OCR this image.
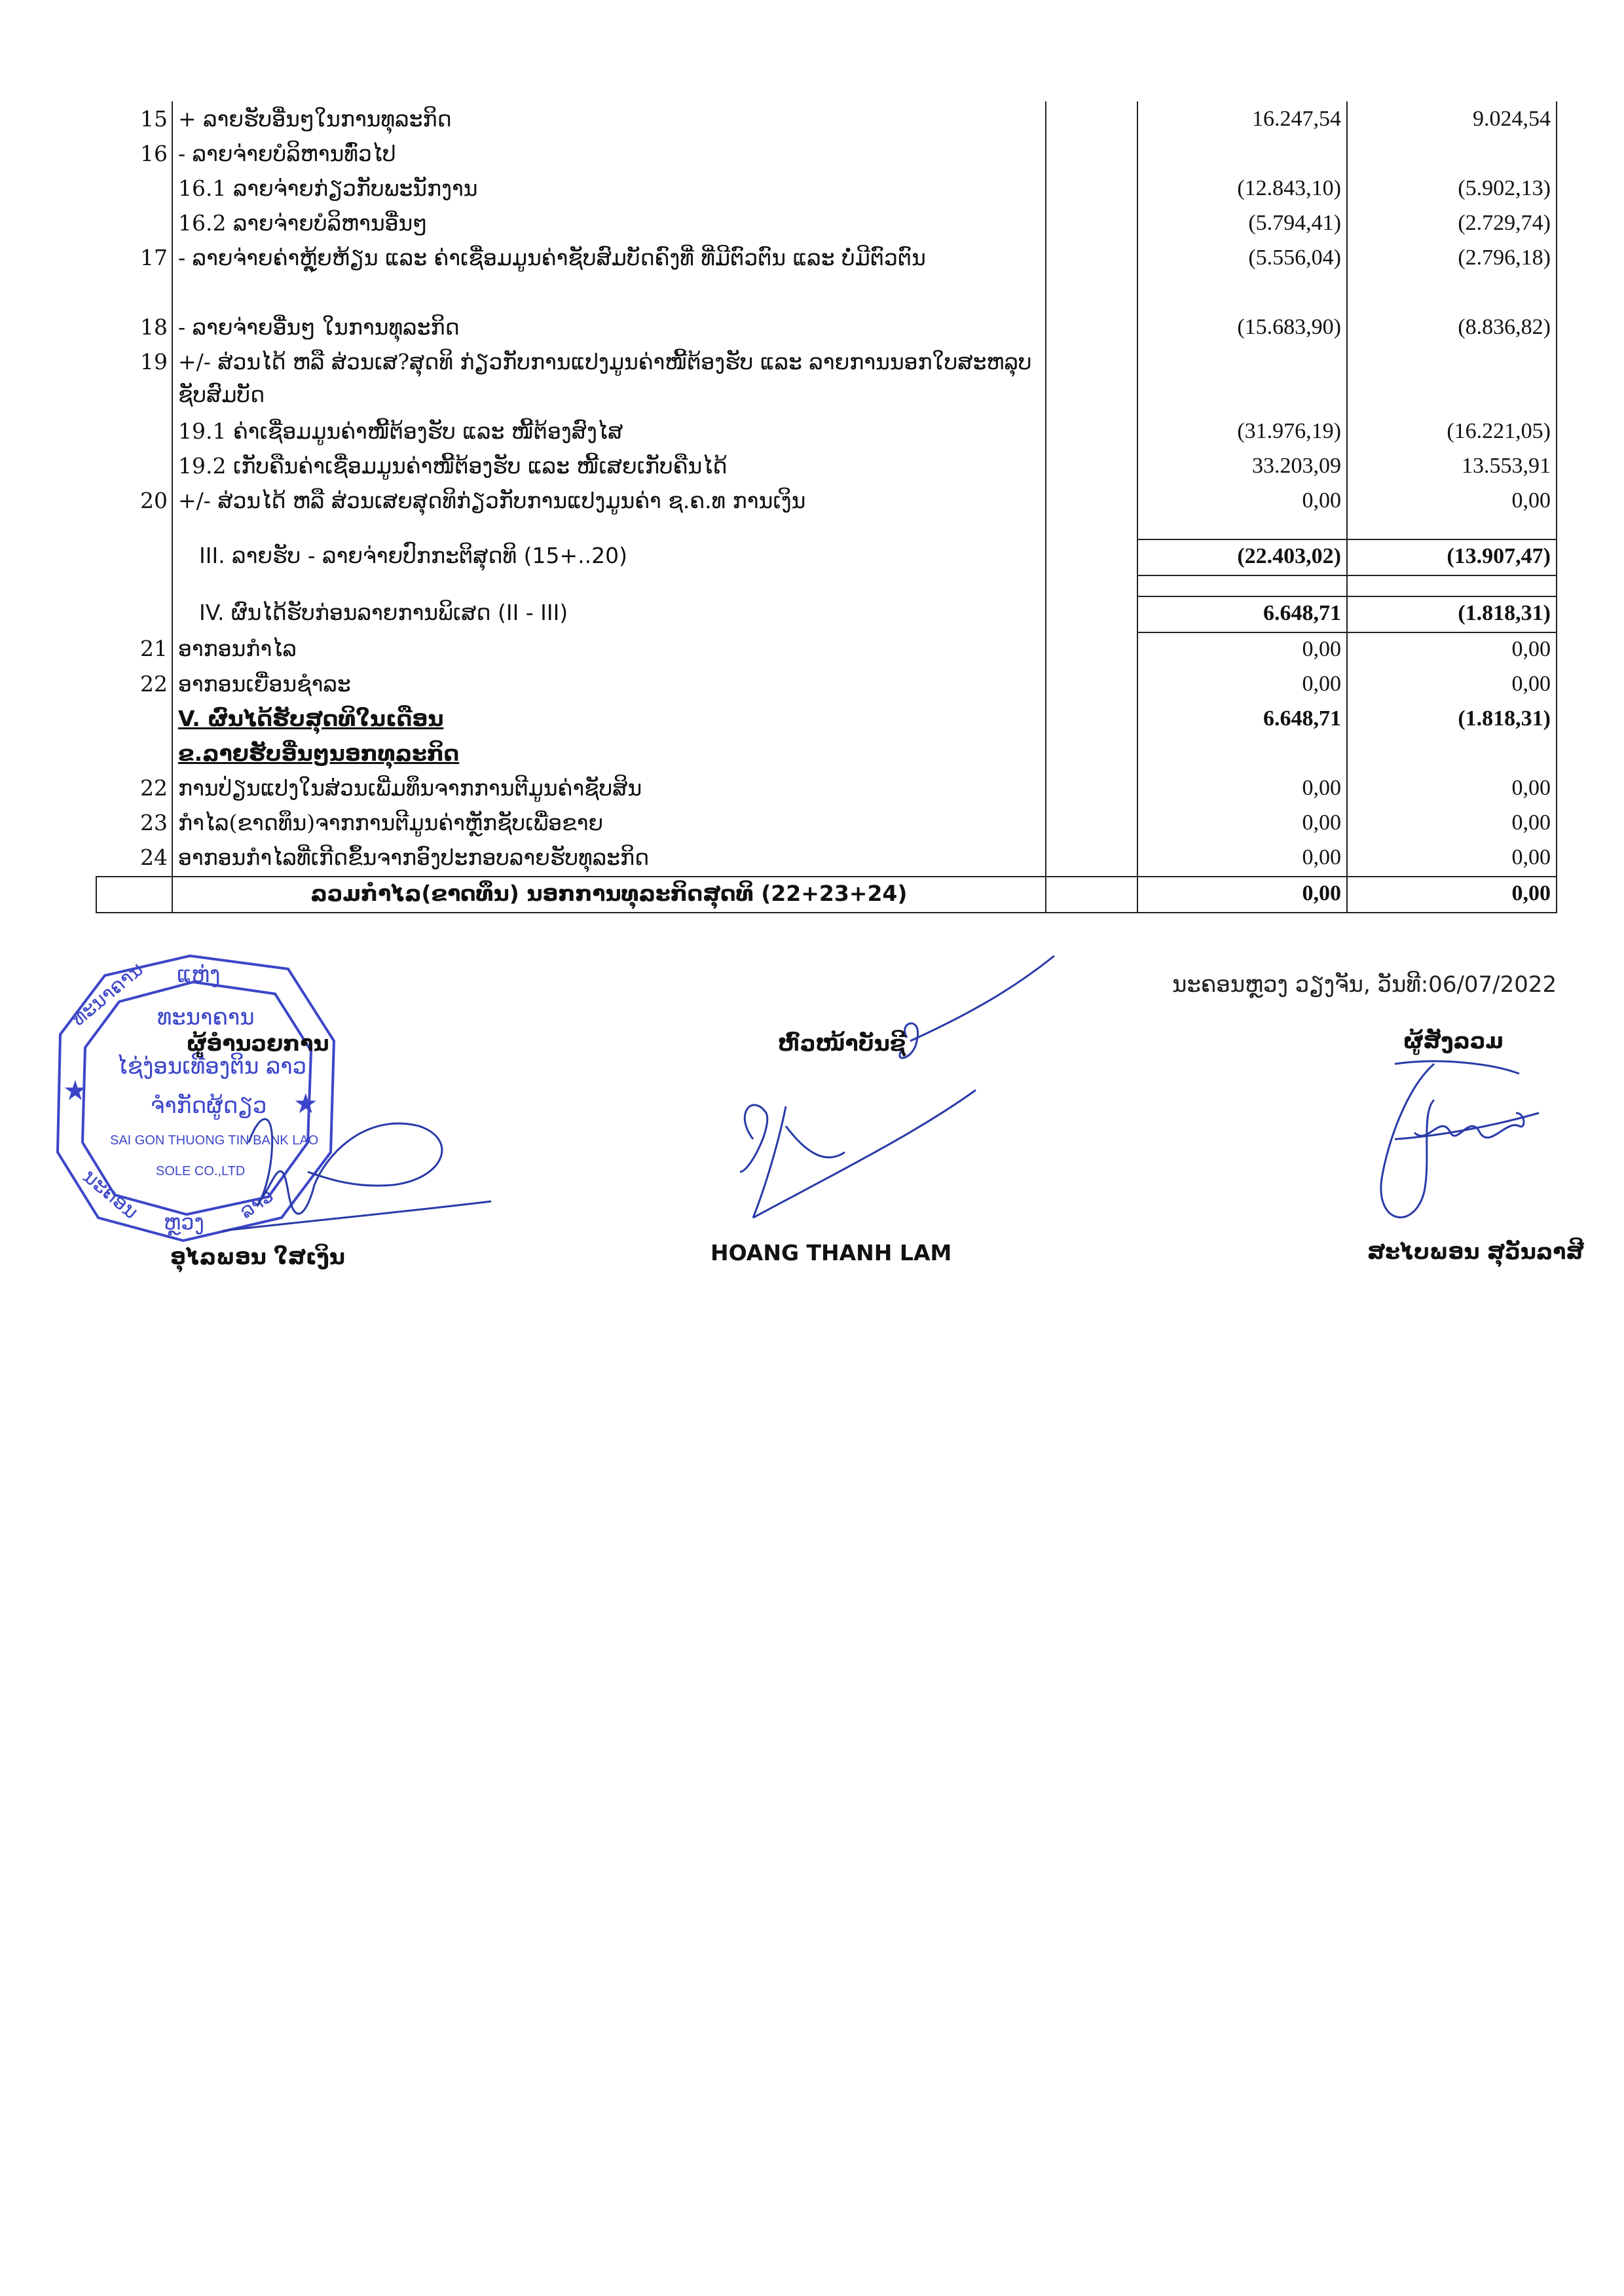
15	+ ລາຍຮັບອື່ນໆໃນການທຸລະກິດ		16.247,54	9.024,54
16	- ລາຍຈ່າຍບໍລິຫານທົ່ວໄປ			
	16.1 ລາຍຈ່າຍກ່ຽວກັບພະນັກງານ		(12.843,10)	(5.902,13)
	16.2 ລາຍຈ່າຍບໍລິຫານອື່ນໆ		(5.794,41)	(2.729,74)
17	- ລາຍຈ່າຍຄ່າຫຼຸ້ຍຫ້ຽນ ແລະ ຄ່າເຊື່ອມມູນຄ່າຊັບສົມບັດຄົງທີ່ ທີ່ມີຕົວຕົນ ແລະ ບໍ່ມີຕົວຕົນ		(5.556,04)	(2.796,18)
18	- ລາຍຈ່າຍອື່ນໆ ໃນການທຸລະກິດ		(15.683,90)	(8.836,82)
19	+/- ສ່ວນໄດ້ ຫລື ສ່ວນເສ?ສຸດທິ ກ່ຽວກັບການແປງມູນຄ່າໜີ້ຕ້ອງຮັບ ແລະ ລາຍການນອກໃບສະຫລຸບຊັບສົມບັດ			
	19.1 ຄ່າເຊື່ອມມູນຄ່າໜີ້ຕ້ອງຮັບ ແລະ ໜີ້ຕ້ອງສົງໄສ		(31.976,19)	(16.221,05)
	19.2 ເກັບຄືນຄ່າເຊື່ອມມູນຄ່າໜີ້ຕ້ອງຮັບ ແລະ ໜີ້ເສຍເກັບຄືນໄດ້		33.203,09	13.553,91
20	+/- ສ່ວນໄດ້ ຫລື ສ່ວນເສຍສຸດທິກ່ຽວກັບການແປງມູນຄ່າ ຊ.ຄ.ທ ການເງິນ		0,00	0,00

	III. ລາຍຮັບ - ລາຍຈ່າຍປົກກະຕິສຸດທິ (15+..20)		(22.403,02)	(13.907,47)

	IV. ຜົນໄດ້ຮັບກ່ອນລາຍການພິເສດ (II - III)		6.648,71	(1.818,31)
21	ອາກອນກຳໄລ		0,00	0,00
22	ອາກອນເຍື່ອນຊຳລະ		0,00	0,00
	V. ຜົນໄດ້ຮັບສຸດທິໃນເດືອນ		6.648,71	(1.818,31)
	ຂ.ລາຍຮັບອື່ນໆນອກທຸລະກິດ			
22	ການປ່ຽນແປງໃນສ່ວນເພີ່ມທຶນຈາກການຕີມູນຄ່າຊັບສິນ		0,00	0,00
23	ກຳໄລ(ຂາດທຶນ)ຈາກການຕີມູນຄ່າຫຼັກຊັບເພື່ອຂາຍ		0,00	0,00
24	ອາກອນກຳໄລທີ່ເກີດຂຶ້ນຈາກອົງປະກອບລາຍຮັບທຸລະກິດ		0,00	0,00
	ລວມກຳໄລ(ຂາດທຶນ) ນອກການທຸລະກິດສຸດທິ (22+23+24)		0,00	0,00
ນະຄອນຫຼວງ ວຽງຈັນ, ວັນທີ:06/07/2022
ແຫ່ງ
ທະນາຄານ
ນະຄອນ ຫຼວງ ລາວ
ທະນາຄານ
ໄຊ່ງ່ອນເທືອງຕິນ ລາວ
ຈຳກັດຜູ້ດຽວ
SAI GON THUONG TIN BANK LAO
SOLE CO.,LTD
★	★
ຜູ້ອຳນວຍການ	ຫົວໜ້າບັນຊີ	ຜູ້ສັງລວມ
ອຸໄລພອນ ໃສເງິນ	HOANG THANH LAM	ສະໄບພອນ ສຸວັນລາສີ
